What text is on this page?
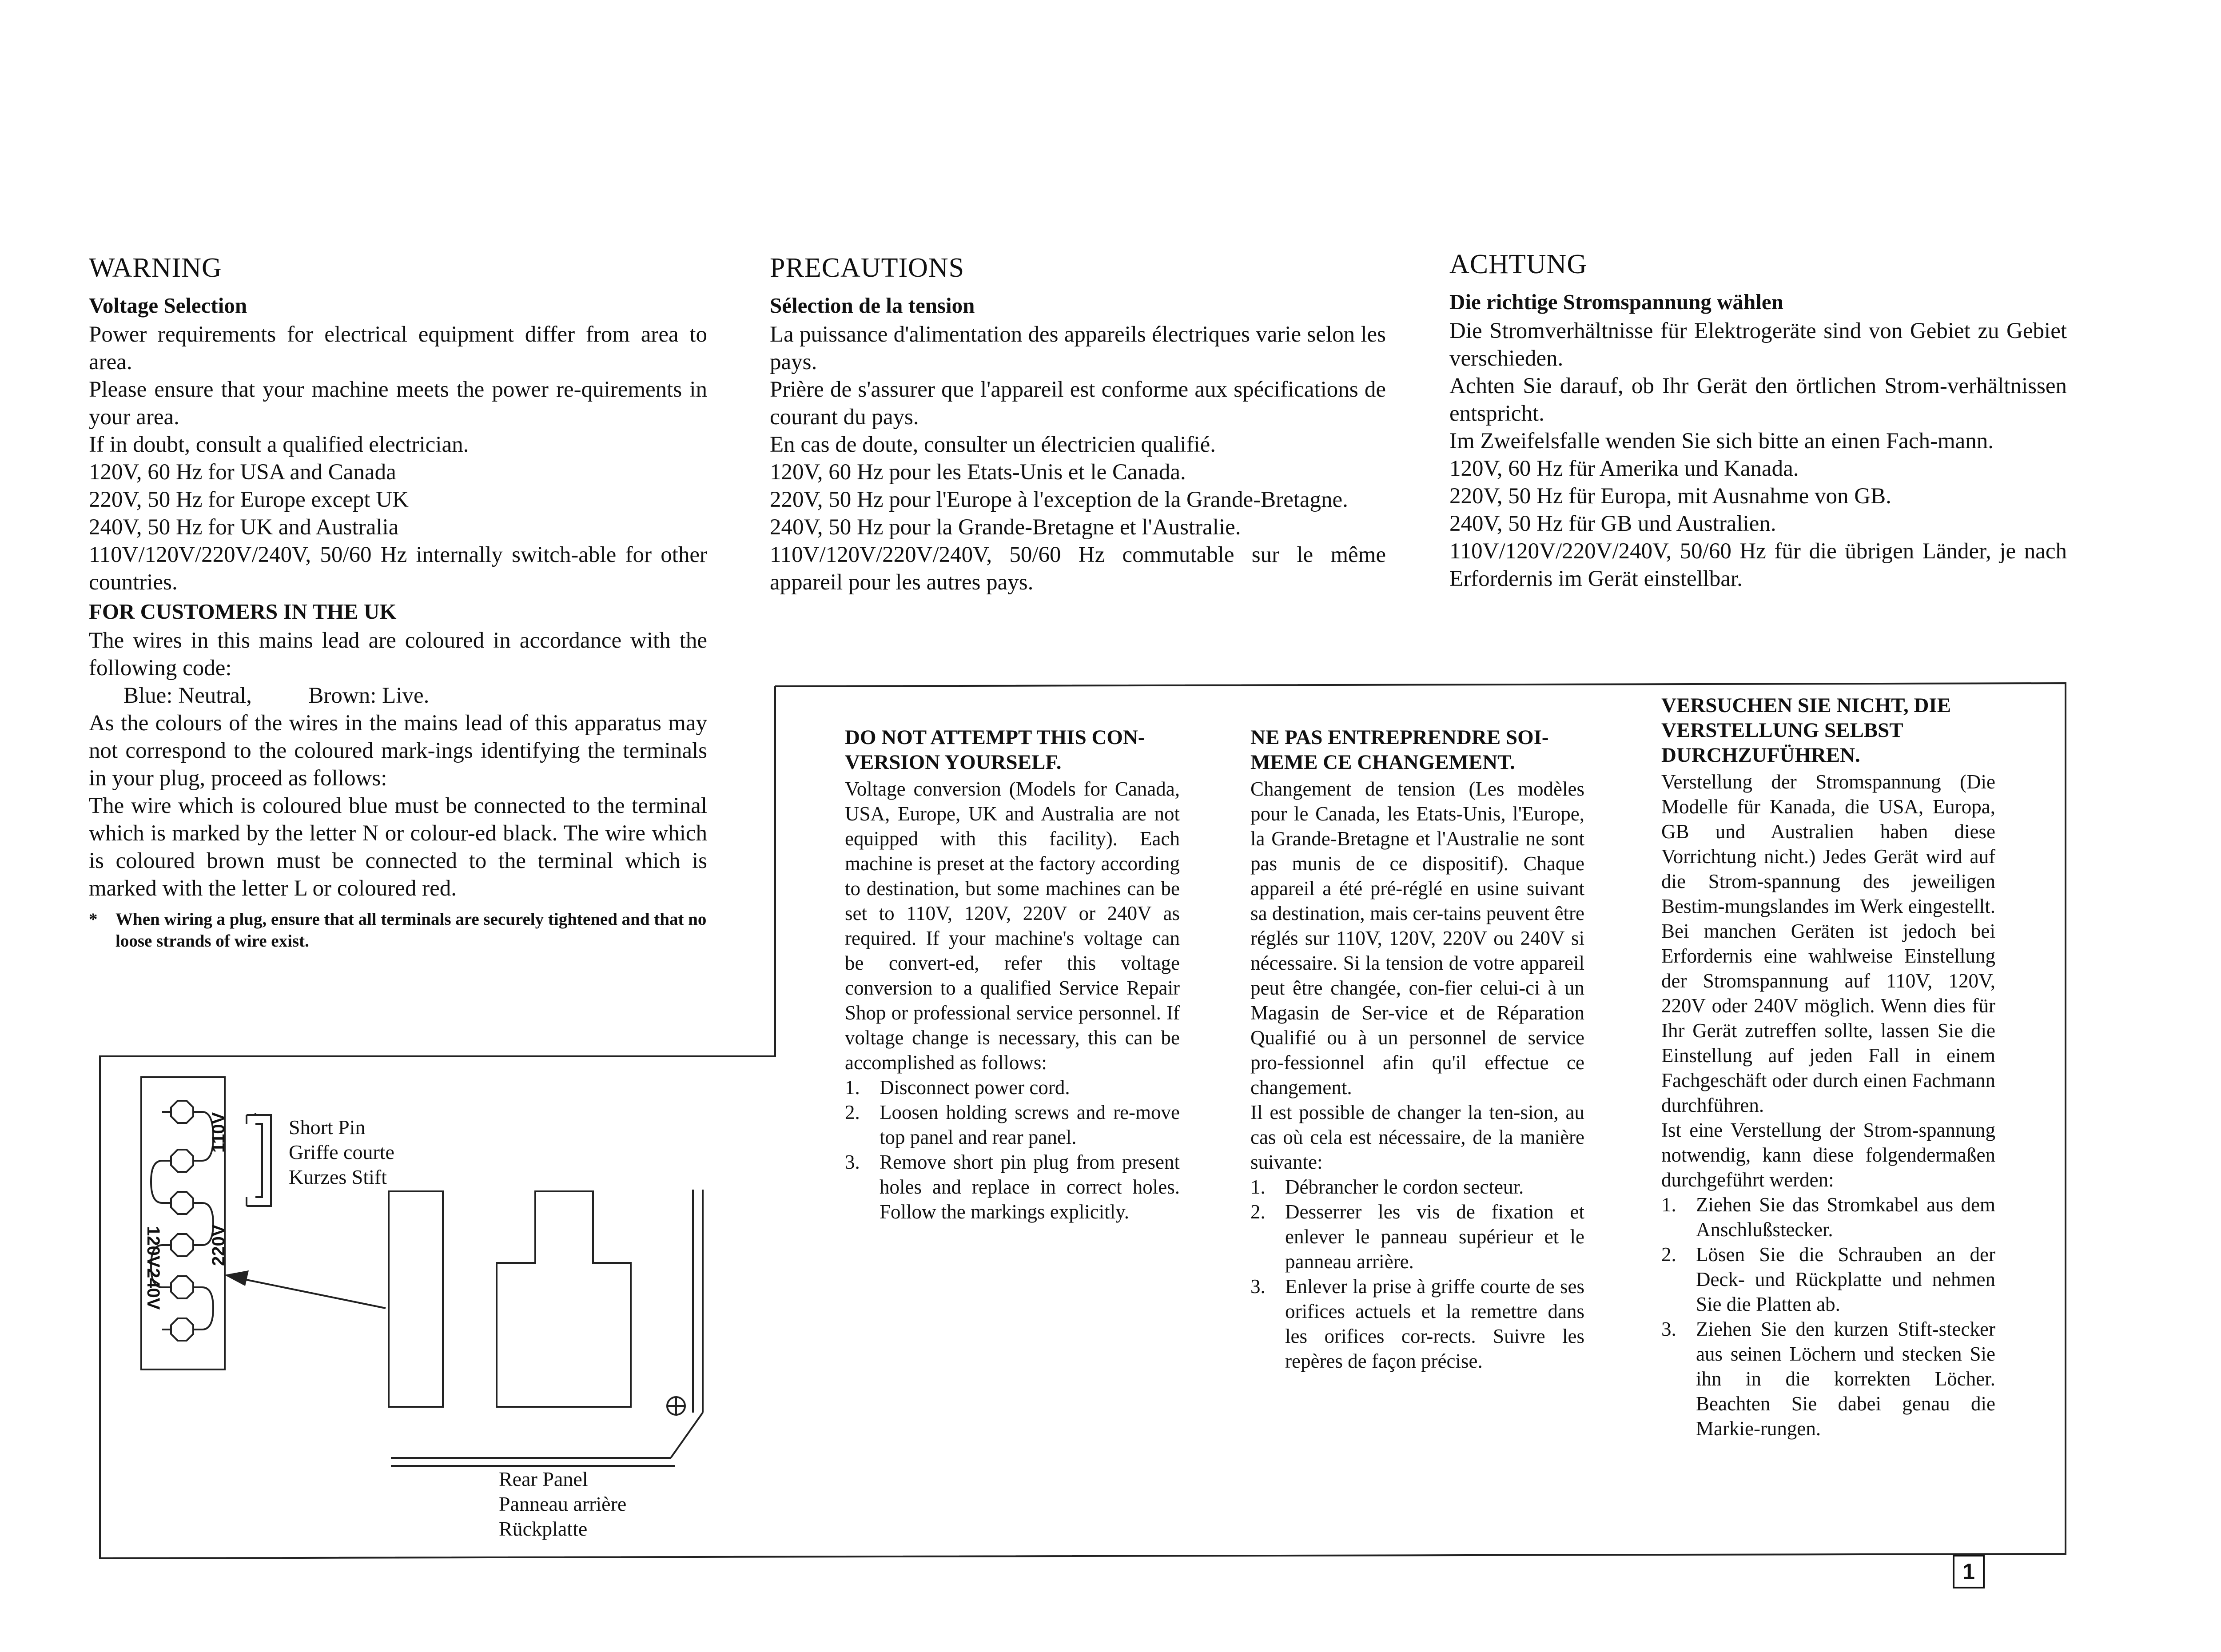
WARNING
Voltage Selection

Power requirements for electrical equipment differ from area to area.

Please ensure that your machine meets the power re-quirements in your area.

If in doubt, consult a qualified electrician.

120V, 60 Hz for USA and Canada

220V, 50 Hz for Europe except UK

240V, 50 Hz for UK and Australia

110V/120V/220V/240V, 50/60 Hz internally switch-able for other countries.

FOR CUSTOMERS IN THE UK

The wires in this mains lead are coloured in accordance with the following code:

Blue: Neutral,          Brown: Live.

As the colours of the wires in the mains lead of this apparatus may not correspond to the coloured mark-ings identifying the terminals in your plug, proceed as follows:

The wire which is coloured blue must be connected to the terminal which is marked by the letter N or colour-ed black. The wire which is coloured brown must be connected to the terminal which is marked with the letter L or coloured red.

*	When wiring a plug, ensure that all terminals are securely tightened and that no loose strands of wire exist.
PRECAUTIONS
Sélection de la tension

La puissance d'alimentation des appareils électriques varie selon les pays.

Prière de s'assurer que l'appareil est conforme aux spécifications de courant du pays.

En cas de doute, consulter un électricien qualifié.

120V, 60 Hz pour les Etats-Unis et le Canada.

220V, 50 Hz pour l'Europe à l'exception de la Grande-Bretagne.

240V, 50 Hz pour la Grande-Bretagne et l'Australie.

110V/120V/220V/240V, 50/60 Hz commutable sur le même appareil pour les autres pays.

ACHTUNG
Die richtige Stromspannung wählen

Die Stromverhältnisse für Elektrogeräte sind von Gebiet zu Gebiet verschieden.

Achten Sie darauf, ob Ihr Gerät den örtlichen Strom-verhältnissen entspricht.

Im Zweifelsfalle wenden Sie sich bitte an einen Fach-mann.

120V, 60 Hz für Amerika und Kanada.

220V, 50 Hz für Europa, mit Ausnahme von GB.

240V, 50 Hz für GB und Australien.

110V/120V/220V/240V, 50/60 Hz für die übrigen Länder, je nach Erfordernis im Gerät einstellbar.

DO NOT ATTEMPT THIS CON-VERSION YOURSELF.

Voltage conversion (Models for Canada, USA, Europe, UK and Australia are not equipped with this facility). Each machine is preset at the factory according to destination, but some machines can be set to 110V, 120V, 220V or 240V as required. If your machine's voltage can be convert-ed, refer this voltage conversion to a qualified Service Repair Shop or professional service personnel. If voltage change is necessary, this can be accomplished as follows:

1. Disconnect power cord.
2. Loosen holding screws and re-move top panel and rear panel.
3. Remove short pin plug from present holes and replace in correct holes. Follow the markings explicitly.
NE PAS ENTREPRENDRE SOI-MEME CE CHANGEMENT.

Changement de tension (Les modèles pour le Canada, les Etats-Unis, l'Europe, la Grande-Bretagne et l'Australie ne sont pas munis de ce dispositif). Chaque appareil a été pré-réglé en usine suivant sa destination, mais cer-tains peuvent être réglés sur 110V, 120V, 220V ou 240V si nécessaire. Si la tension de votre appareil peut être changée, con-fier celui-ci à un Magasin de Ser-vice et de Réparation Qualifié ou à un personnel de service pro-fessionnel afin qu'il effectue ce changement.

Il est possible de changer la ten-sion, au cas où cela est nécessaire, de la manière suivante:

1. Débrancher le cordon secteur.
2. Desserrer les vis de fixation et enlever le panneau supérieur et le panneau arrière.
3. Enlever la prise à griffe courte de ses orifices actuels et la remettre dans les orifices cor-rects. Suivre les repères de façon précise.
VERSUCHEN SIE NICHT, DIE VERSTELLUNG SELBST DURCHZUFÜHREN.

Verstellung der Stromspannung (Die Modelle für Kanada, die USA, Europa, GB und Australien haben diese Vorrichtung nicht.) Jedes Gerät wird auf die Strom-spannung des jeweiligen Bestim-mungslandes im Werk eingestellt. Bei manchen Geräten ist jedoch bei Erfordernis eine wahlweise Einstellung der Stromspannung auf 110V, 120V, 220V oder 240V möglich. Wenn dies für Ihr Gerät zutreffen sollte, lassen Sie die Einstellung auf jeden Fall in einem Fachgeschäft oder durch einen Fachmann durchführen.

Ist eine Verstellung der Strom-spannung notwendig, kann diese folgendermaßen durchgeführt werden:

1. Ziehen Sie das Stromkabel aus dem Anschlußstecker.
2. Lösen Sie die Schrauben an der Deck- und Rückplatte und nehmen Sie die Platten ab.
3. Ziehen Sie den kurzen Stift-stecker aus seinen Löchern und stecken Sie ihn in die korrekten Löcher. Beachten Sie dabei genau die Markie-rungen.
110V
220V
120V
240V
Short Pin
Griffe courte
Kurzes Stift
Rear Panel
Panneau arrière
Rückplatte
1
